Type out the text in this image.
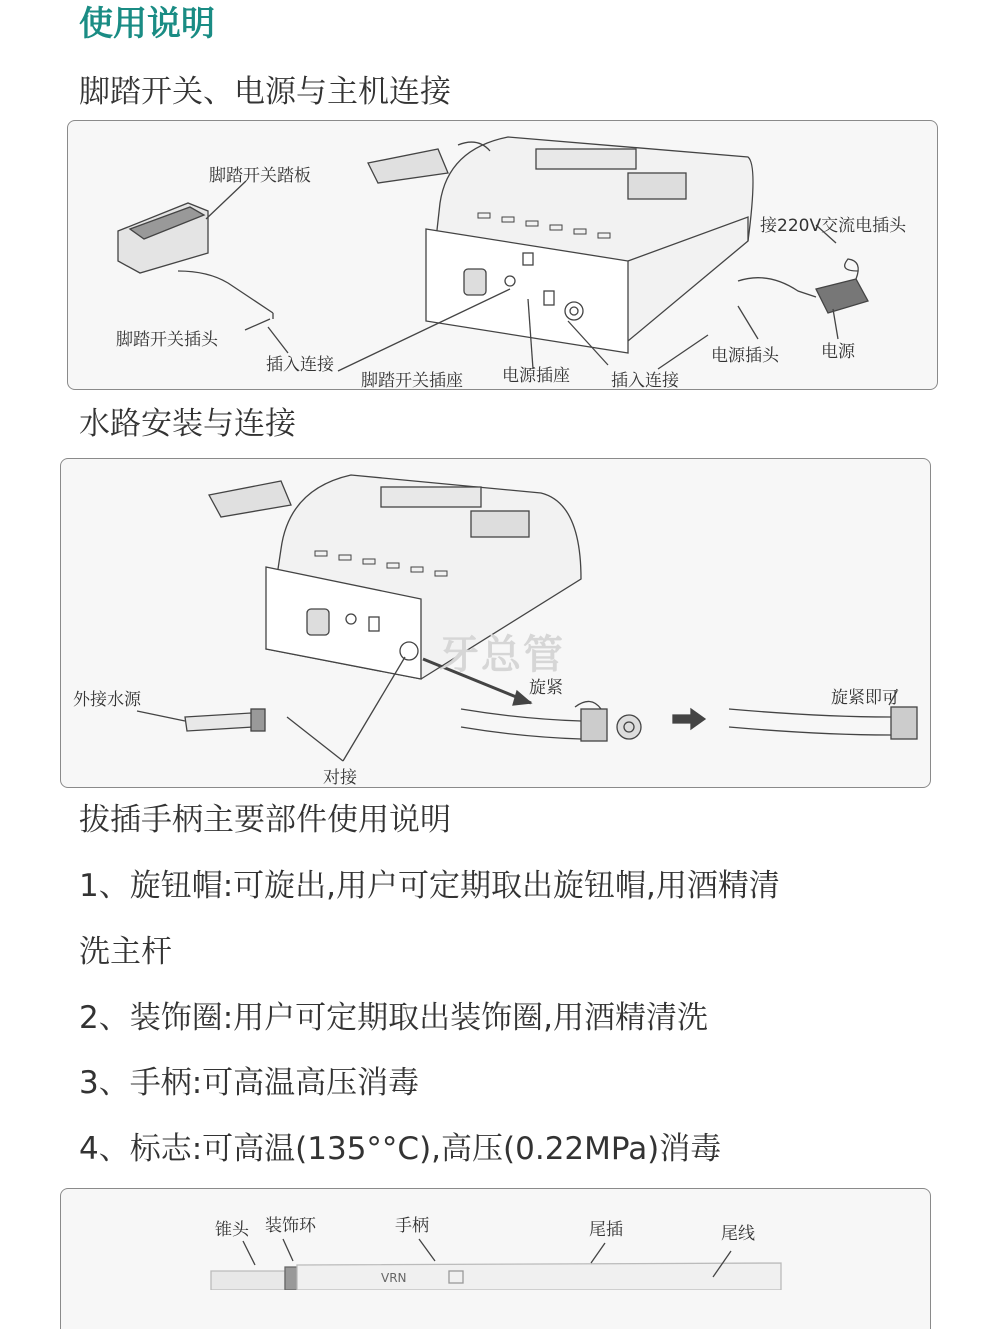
使用说明
脚踏开关、电源与主机连接
脚踏开关踏板
接220V交流电插头
脚踏开关插头
插入连接
脚踏开关插座 电源插座 插入连接
电源插头 电源
水路安装与连接
牙总管
外接水源
旋紧	旋紧即可
对接
拔插手柄主要部件使用说明

1、旋钮帽:可旋出,用户可定期取出旋钮帽,用酒精清

洗主杆

2、装饰圈:用户可定期取出装饰圈,用酒精清洗

3、手柄:可高温高压消毒

4、标志:可高温(135°°C),高压(0.22MPa)消毒

锥头 装饰环	手柄	尾插	尾线
VRN
